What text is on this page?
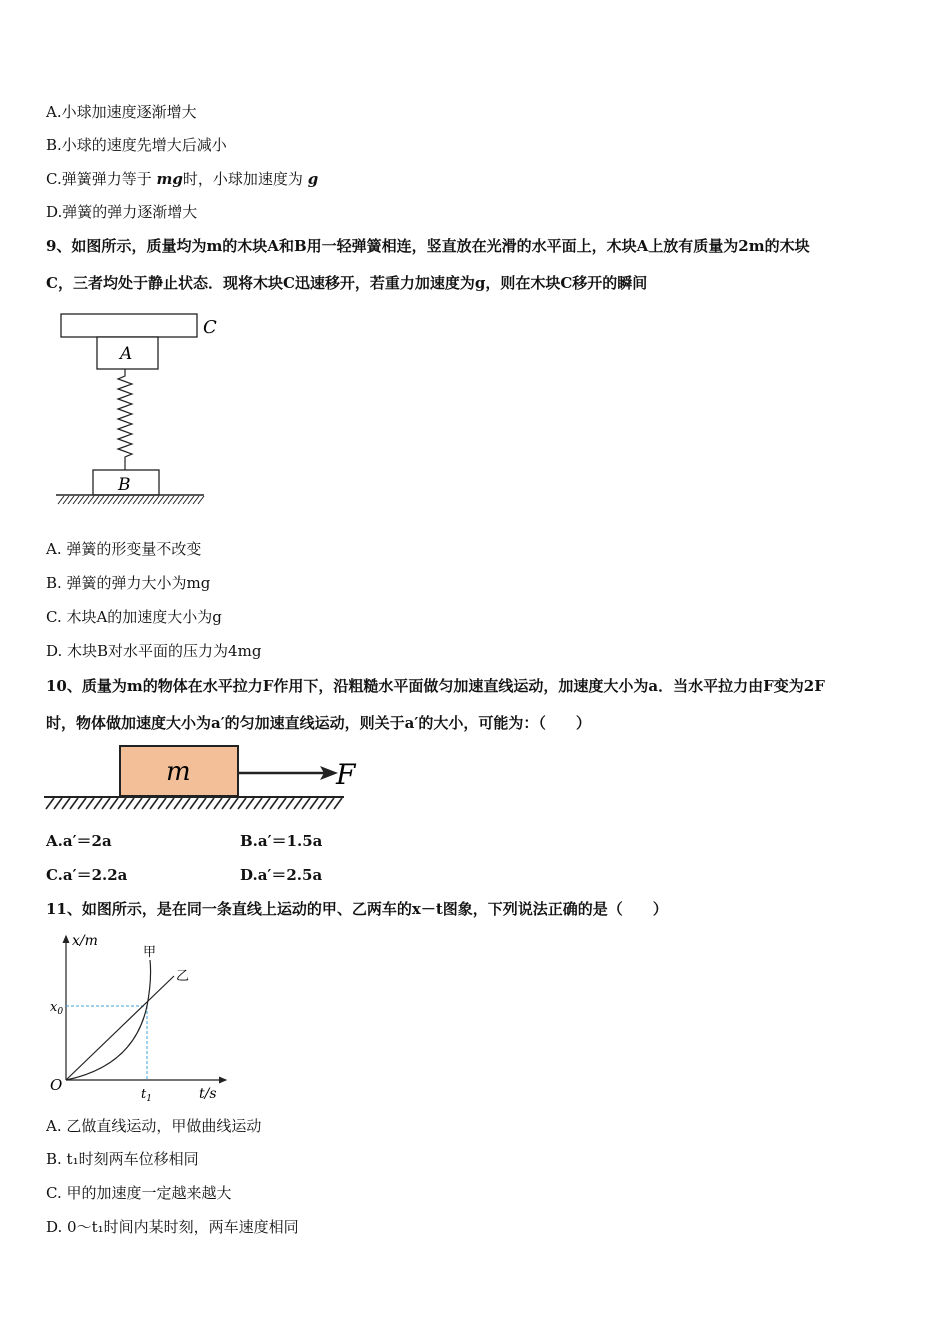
A.小球加速度逐渐增大
B.小球的速度先增大后减小
C.弹簧弹力等于 mg时，小球加速度为 g
D.弹簧的弹力逐渐增大
9、如图所示，质量均为m的木块A和B用一轻弹簧相连，竖直放在光滑的水平面上，木块A上放有质量为2m的木块
C，三者均处于静止状态．现将木块C迅速移开，若重力加速度为g，则在木块C移开的瞬间
C
A
B
A. 弹簧的形变量不改变
B. 弹簧的弹力大小为mg
C. 木块A的加速度大小为g
D. 木块B对水平面的压力为4mg
10、质量为m的物体在水平拉力F作用下，沿粗糙水平面做匀加速直线运动，加速度大小为a．当水平拉力由F变为2F
时，物体做加速度大小为a′的匀加速直线运动，则关于a′的大小，可能为：（　　）
m	F
A.a′＝2a	B.a′＝1.5a
C.a′＝2.2a	D.a′＝2.5a
11、如图所示，是在同一条直线上运动的甲、乙两车的x－t图象，下列说法正确的是（　　）
x/m
t/s
O
$x_0$
$t_1$
甲
乙
A. 乙做直线运动，甲做曲线运动
B. t₁时刻两车位移相同
C. 甲的加速度一定越来越大
D. 0～t₁时间内某时刻，两车速度相同
